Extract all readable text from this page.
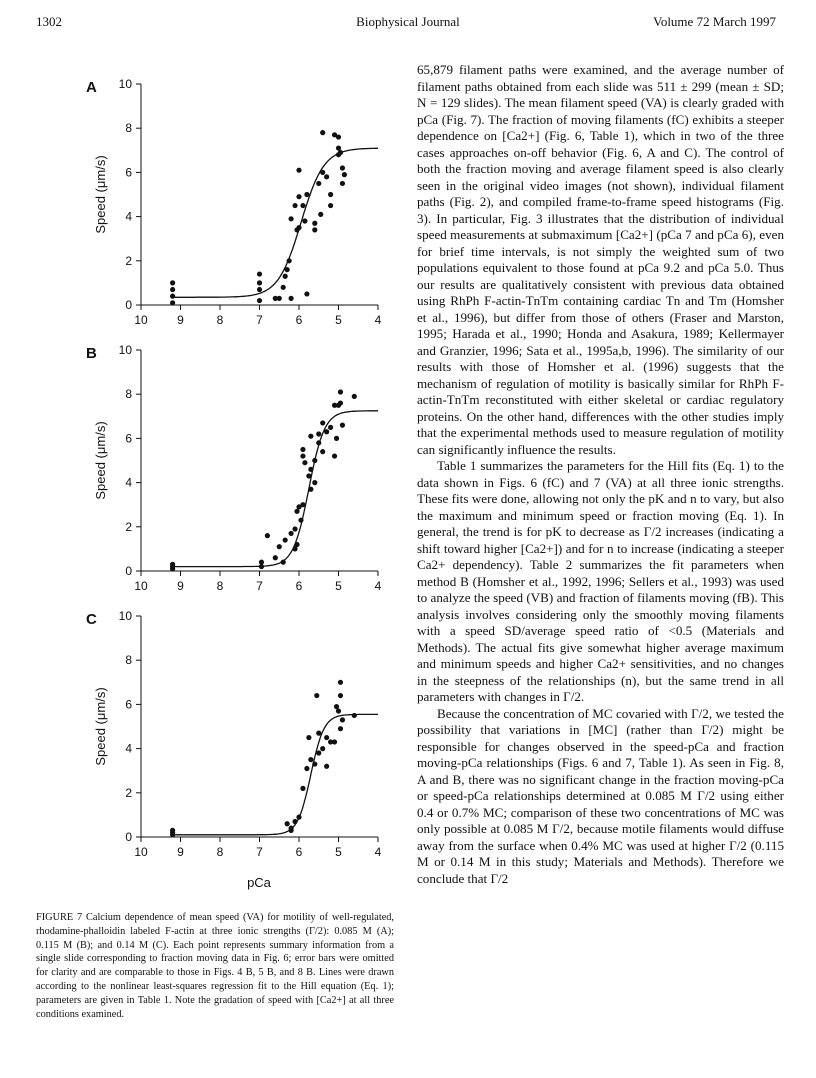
1302	Biophysical Journal	Volume 72 March 1997
pCa
A
0
2
4
6
8
10
10 9	8	7	6	5	4
Speed (μm/s)
B
0
2
4
6
8
10
10 9	8	7	6	5	4
Speed (μm/s)
C
0
2
4
6
8
10
10 9	8	7	6	5	4
Speed (μm/s)

FIGURE 7 Calcium dependence of mean speed (VA) for motility of well-regulated, rhodamine-phalloidin labeled F-actin at three ionic strengths (Γ/2): 0.085 M (A); 0.115 M (B); and 0.14 M (C). Each point represents summary information from a single slide corresponding to fraction moving data in Fig. 6; error bars were omitted for clarity and are comparable to those in Figs. 4 B, 5 B, and 8 B. Lines were drawn according to the nonlinear least-squares regression fit to the Hill equation (Eq. 1); parameters are given in Table 1. Note the gradation of speed with [Ca2+] at all three conditions examined.

65,879 filament paths were examined, and the average number of filament paths obtained from each slide was 511 ± 299 (mean ± SD; N = 129 slides). The mean filament speed (VA) is clearly graded with pCa (Fig. 7). The fraction of moving filaments (fC) exhibits a steeper dependence on [Ca2+] (Fig. 6, Table 1), which in two of the three cases approaches on-off behavior (Fig. 6, A and C). The control of both the fraction moving and average filament speed is also clearly seen in the original video images (not shown), individual filament paths (Fig. 2), and compiled frame-to-frame speed histograms (Fig. 3). In particular, Fig. 3 illustrates that the distribution of individual speed measurements at submaximum [Ca2+] (pCa 7 and pCa 6), even for brief time intervals, is not simply the weighted sum of two populations equivalent to those found at pCa 9.2 and pCa 5.0. Thus our results are qualitatively consistent with previous data obtained using RhPh F-actin-TnTm containing cardiac Tn and Tm (Homsher et al., 1996), but differ from those of others (Fraser and Marston, 1995; Harada et al., 1990; Honda and Asakura, 1989; Kellermayer and Granzier, 1996; Sata et al., 1995a,b, 1996). The similarity of our results with those of Homsher et al. (1996) suggests that the mechanism of regulation of motility is basically similar for RhPh F-actin-TnTm reconstituted with either skeletal or cardiac regulatory proteins. On the other hand, differences with the other studies imply that the experimental methods used to measure regulation of motility can significantly influence the results.

Table 1 summarizes the parameters for the Hill fits (Eq. 1) to the data shown in Figs. 6 (fC) and 7 (VA) at all three ionic strengths. These fits were done, allowing not only the pK and n to vary, but also the maximum and minimum speed or fraction moving (Eq. 1). In general, the trend is for pK to decrease as Γ/2 increases (indicating a shift toward higher [Ca2+]) and for n to increase (indicating a steeper Ca2+ dependency). Table 2 summarizes the fit parameters when method B (Homsher et al., 1992, 1996; Sellers et al., 1993) was used to analyze the speed (VB) and fraction of filaments moving (fB). This analysis involves considering only the smoothly moving filaments with a speed SD/average speed ratio of <0.5 (Materials and Methods). The actual fits give somewhat higher average maximum and minimum speeds and higher Ca2+ sensitivities, and no changes in the steepness of the relationships (n), but the same trend in all parameters with changes in Γ/2.

Because the concentration of MC covaried with Γ/2, we tested the possibility that variations in [MC] (rather than Γ/2) might be responsible for changes observed in the speed-pCa and fraction moving-pCa relationships (Figs. 6 and 7, Table 1). As seen in Fig. 8, A and B, there was no significant change in the fraction moving-pCa or speed-pCa relationships determined at 0.085 M Γ/2 using either 0.4 or 0.7% MC; comparison of these two concentrations of MC was only possible at 0.085 M Γ/2, because motile filaments would diffuse away from the surface when 0.4% MC was used at higher Γ/2 (0.115 M or 0.14 M in this study; Materials and Methods). Therefore we conclude that Γ/2
